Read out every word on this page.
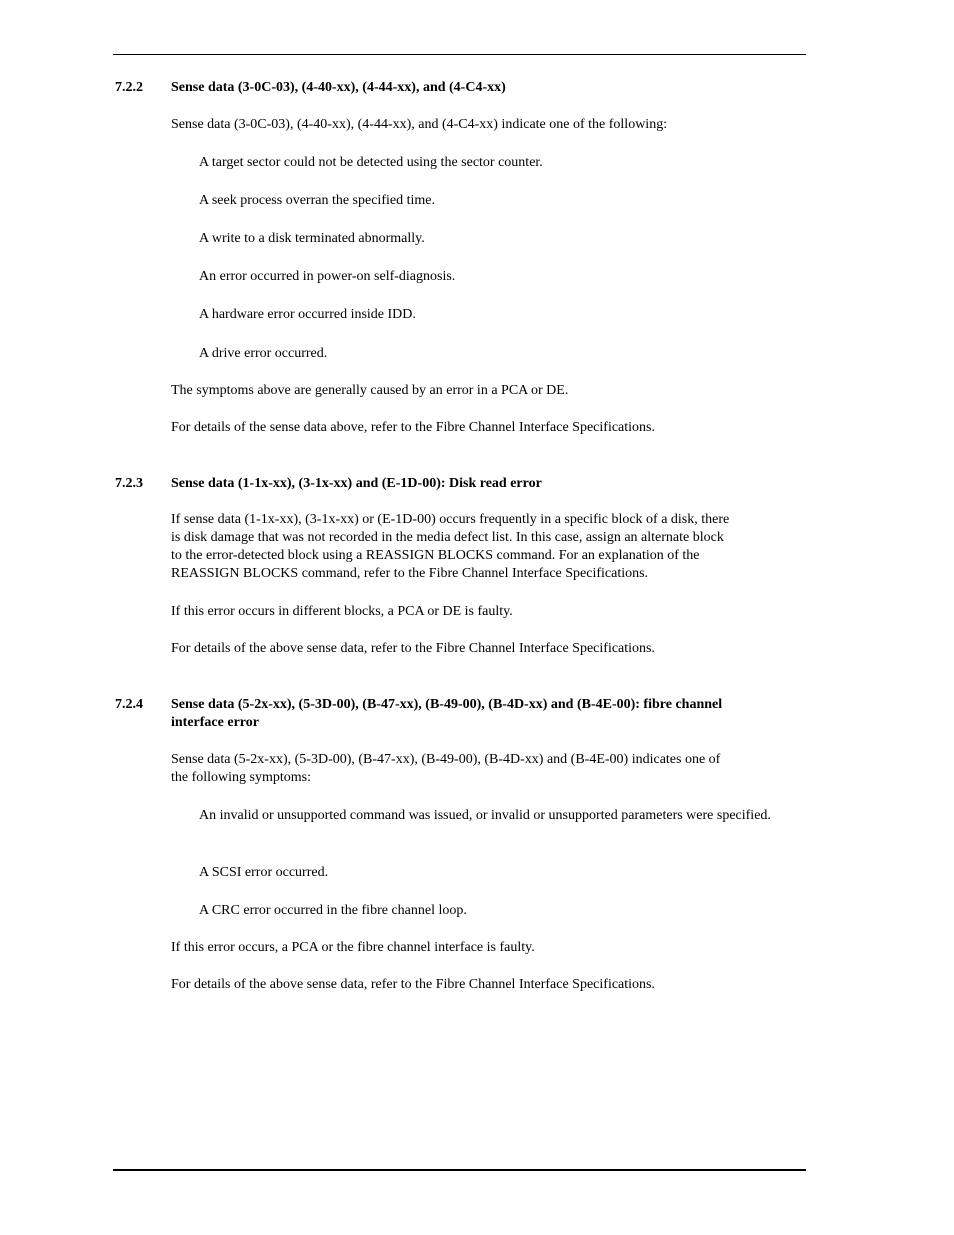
7.2.2 Sense data (3-0C-03), (4-40-xx), (4-44-xx), and (4-C4-xx)
Sense data (3-0C-03), (4-40-xx), (4-44-xx), and (4-C4-xx) indicate one of the following:
A target sector could not be detected using the sector counter.
A seek process overran the specified time.
A write to a disk terminated abnormally.
An error occurred in power-on self-diagnosis.
A hardware error occurred inside IDD.
A drive error occurred.
The symptoms above are generally caused by an error in a PCA or DE.
For details of the sense data above, refer to the Fibre Channel Interface Specifications.
7.2.3 Sense data (1-1x-xx), (3-1x-xx) and (E-1D-00): Disk read error
If sense data (1-1x-xx), (3-1x-xx) or (E-1D-00) occurs frequently in a specific block of a disk, there
is disk damage that was not recorded in the media defect list. In this case, assign an alternate block
to the error-detected block using a REASSIGN BLOCKS command. For an explanation of the
REASSIGN BLOCKS command, refer to the Fibre Channel Interface Specifications.
If this error occurs in different blocks, a PCA or DE is faulty.
For details of the above sense data, refer to the Fibre Channel Interface Specifications.
7.2.4 Sense data (5-2x-xx), (5-3D-00), (B-47-xx), (B-49-00), (B-4D-xx) and (B-4E-00): fibre channel
interface error
Sense data (5-2x-xx), (5-3D-00), (B-47-xx), (B-49-00), (B-4D-xx) and (B-4E-00) indicates one of
the following symptoms:
An invalid or unsupported command was issued, or invalid or unsupported parameters were specified.
A SCSI error occurred.
A CRC error occurred in the fibre channel loop.
If this error occurs, a PCA or the fibre channel interface is faulty.
For details of the above sense data, refer to the Fibre Channel Interface Specifications.
